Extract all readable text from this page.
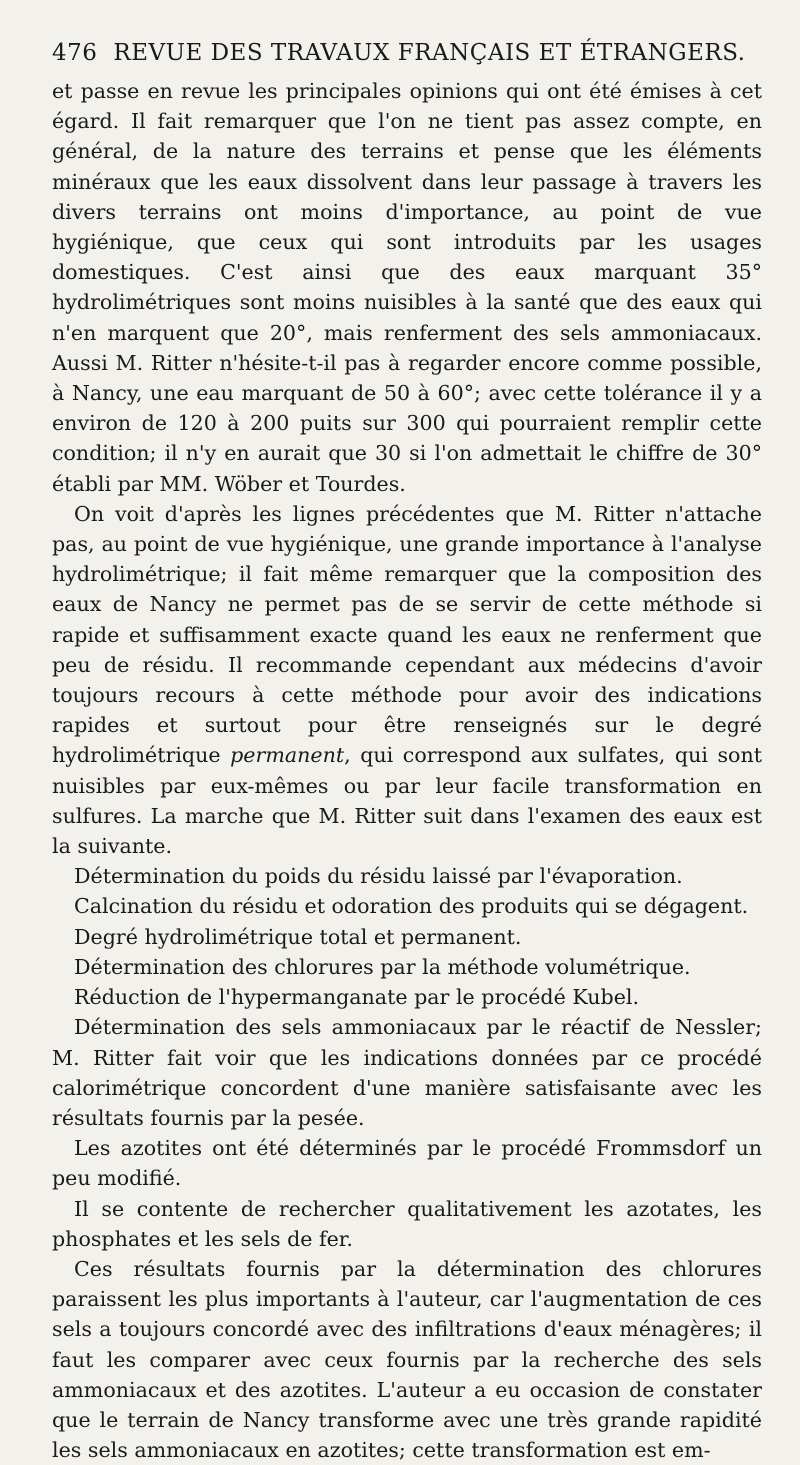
476 REVUE DES TRAVAUX FRANÇAIS ET ÉTRANGERS.

et passe en revue les principales opinions qui ont été émises à cet égard. Il fait remarquer que l'on ne tient pas assez compte, en général, de la nature des terrains et pense que les éléments minéraux que les eaux dissolvent dans leur passage à travers les divers terrains ont moins d'importance, au point de vue hygiénique, que ceux qui sont introduits par les usages domestiques. C'est ainsi que des eaux marquant 35° hydrolimétriques sont moins nuisibles à la santé que des eaux qui n'en marquent que 20°, mais renferment des sels ammoniacaux. Aussi M. Ritter n'hésite-t-il pas à regarder encore comme possible, à Nancy, une eau marquant de 50 à 60°; avec cette tolérance il y a environ de 120 à 200 puits sur 300 qui pourraient remplir cette condition; il n'y en aurait que 30 si l'on admettait le chiffre de 30° établi par MM. Wöber et Tourdes.

On voit d'après les lignes précédentes que M. Ritter n'attache pas, au point de vue hygiénique, une grande importance à l'analyse hydrolimétrique; il fait même remarquer que la composition des eaux de Nancy ne permet pas de se servir de cette méthode si rapide et suffisamment exacte quand les eaux ne renferment que peu de résidu. Il recommande cependant aux médecins d'avoir toujours recours à cette méthode pour avoir des indications rapides et surtout pour être renseignés sur le degré hydrolimétrique permanent, qui correspond aux sulfates, qui sont nuisibles par eux-mêmes ou par leur facile transformation en sulfures. La marche que M. Ritter suit dans l'examen des eaux est la suivante.

Détermination du poids du résidu laissé par l'évaporation.

Calcination du résidu et odoration des produits qui se dégagent.

Degré hydrolimétrique total et permanent.

Détermination des chlorures par la méthode volumétrique.

Réduction de l'hypermanganate par le procédé Kubel.

Détermination des sels ammoniacaux par le réactif de Nessler; M. Ritter fait voir que les indications données par ce procédé calorimétrique concordent d'une manière satisfaisante avec les résultats fournis par la pesée.

Les azotites ont été déterminés par le procédé Frommsdorf un peu modifié.

Il se contente de rechercher qualitativement les azotates, les phosphates et les sels de fer.

Ces résultats fournis par la détermination des chlorures paraissent les plus importants à l'auteur, car l'augmentation de ces sels a toujours concordé avec des infiltrations d'eaux ménagères; il faut les comparer avec ceux fournis par la recherche des sels ammoniacaux et des azotites. L'auteur a eu occasion de constater que le terrain de Nancy transforme avec une très grande rapidité les sels ammoniacaux en azotites; cette transformation est em-
